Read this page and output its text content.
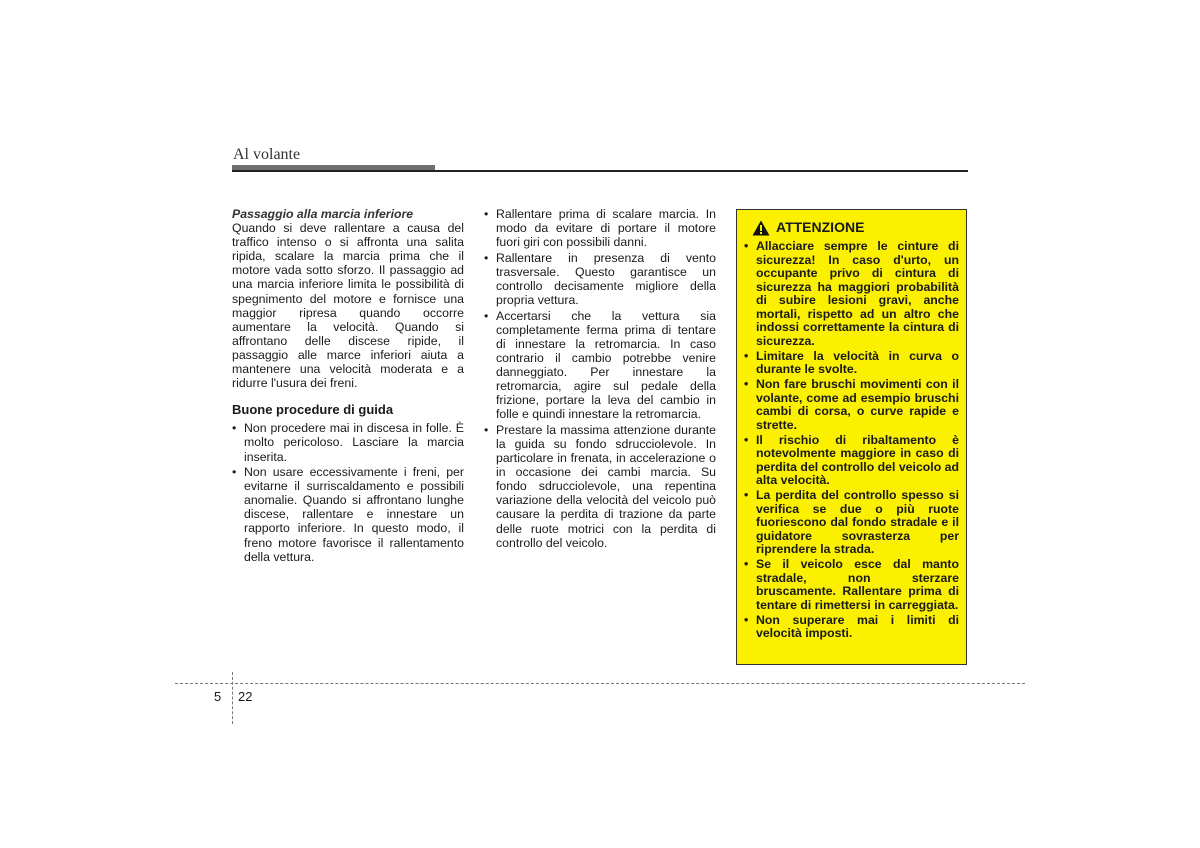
Al volante

Passaggio alla marcia inferiore

Quando si deve rallentare a causa del traffico intenso o si affronta una salita ripida, scalare la marcia prima che il motore vada sotto sforzo. Il passaggio ad una marcia inferiore limita le possibilità di spegnimento del motore e fornisce una maggior ripresa quando occorre aumentare la velocità. Quando si affrontano delle discese ripide, il passaggio alle marce inferiori aiuta a mantenere una velocità moderata e a ridurre l'usura dei freni.

Buone procedure di guida
• Non procedere mai in discesa in folle. È molto pericoloso. Lasciare la marcia inserita.
• Non usare eccessivamente i freni, per evitarne il surriscaldamento e possibili anomalie. Quando si affrontano lunghe discese, rallentare e innestare un rapporto inferiore. In questo modo, il freno motore favorisce il rallentamento della vettura.
• Rallentare prima di scalare marcia. In modo da evitare di portare il motore fuori giri con possibili danni.
• Rallentare in presenza di vento trasversale. Questo garantisce un controllo decisamente migliore della propria vettura.
• Accertarsi che la vettura sia completamente ferma prima di tentare di innestare la retromarcia. In caso contrario il cambio potrebbe venire danneggiato. Per innestare la retromarcia, agire sul pedale della frizione, portare la leva del cambio in folle e quindi innestare la retromarcia.
• Prestare la massima attenzione durante la guida su fondo sdrucciolevole. In particolare in frenata, in accelerazione o in occasione dei cambi marcia. Su fondo sdrucciolevole, una repentina variazione della velocità del veicolo può causare la perdita di trazione da parte delle ruote motrici con la perdita di controllo del veicolo.
ATTENZIONE
• Allacciare sempre le cinture di sicurezza! In caso d'urto, un occupante privo di cintura di sicurezza ha maggiori probabilità di subire lesioni gravi, anche mortali, rispetto ad un altro che indossi correttamente la cintura di sicurezza.
• Limitare la velocità in curva o durante le svolte.
• Non fare bruschi movimenti con il volante, come ad esempio bruschi cambi di corsa, o curve rapide e strette.
• Il rischio di ribaltamento è notevolmente maggiore in caso di perdita del controllo del veicolo ad alta velocità.
• La perdita del controllo spesso si verifica se due o più ruote fuoriescono dal fondo stradale e il guidatore sovrasterza per riprendere la strada.
• Se il veicolo esce dal manto stradale, non sterzare bruscamente. Rallentare prima di tentare di rimettersi in carreggiata.
• Non superare mai i limiti di velocità imposti.
5 22
